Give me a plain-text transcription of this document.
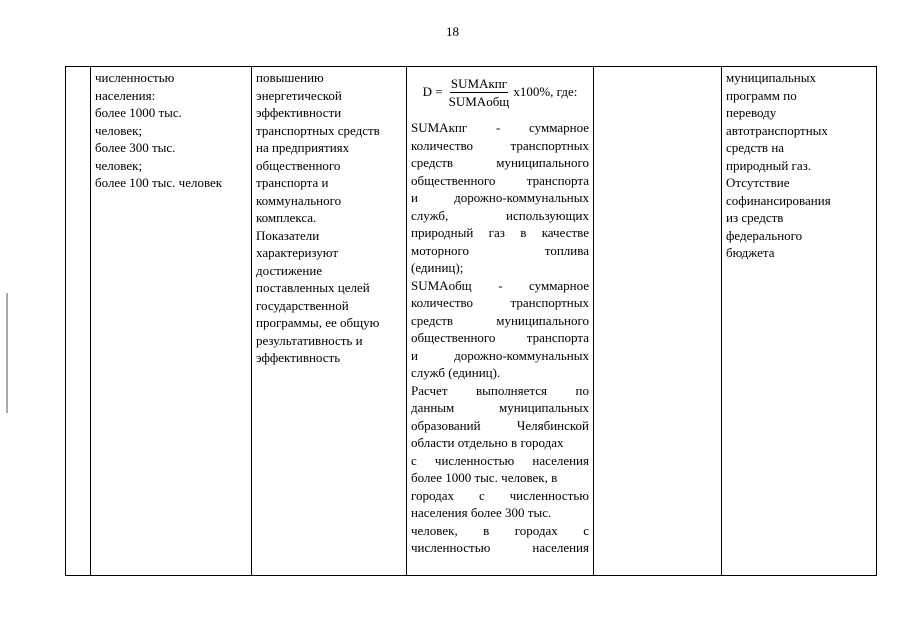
18

численностью
населения:
более 1000 тыс.
человек;
более 300 тыс.
человек;
более 100 тыс. человек

повышению
энергетической
эффективности
транспортных средств
на предприятиях
общественного
транспорта и
коммунального
комплекса.
Показатели
характеризуют
достижение
поставленных целей
государственной
программы, ее общую
результативность и
эффективность

$D = \frac{\text{SUMAкпг}}{\text{SUMAобщ}} x100\%$, где:
SUMAкпг - суммарное
количество	транспортных
средств	муниципального
общественного транспорта
и	дорожно-коммунальных
служб,	использующих
природный газ в качестве
моторного	топлива
(единиц);
SUMAобщ - суммарное
количество	транспортных
средств	муниципального
общественного транспорта
и	дорожно-коммунальных
служб (единиц).
Расчет выполняется по
данным	муниципальных
образований	Челябинской
области отдельно в городах
с численностью населения
более 1000 тыс. человек, в
городах с численностью
населения более 300 тыс.
человек, в городах с
численностью	населения

муниципальных
программ по
переводу
автотранспортных
средств на
природный газ.
Отсутствие
софинансирования
из средств
федерального
бюджета
